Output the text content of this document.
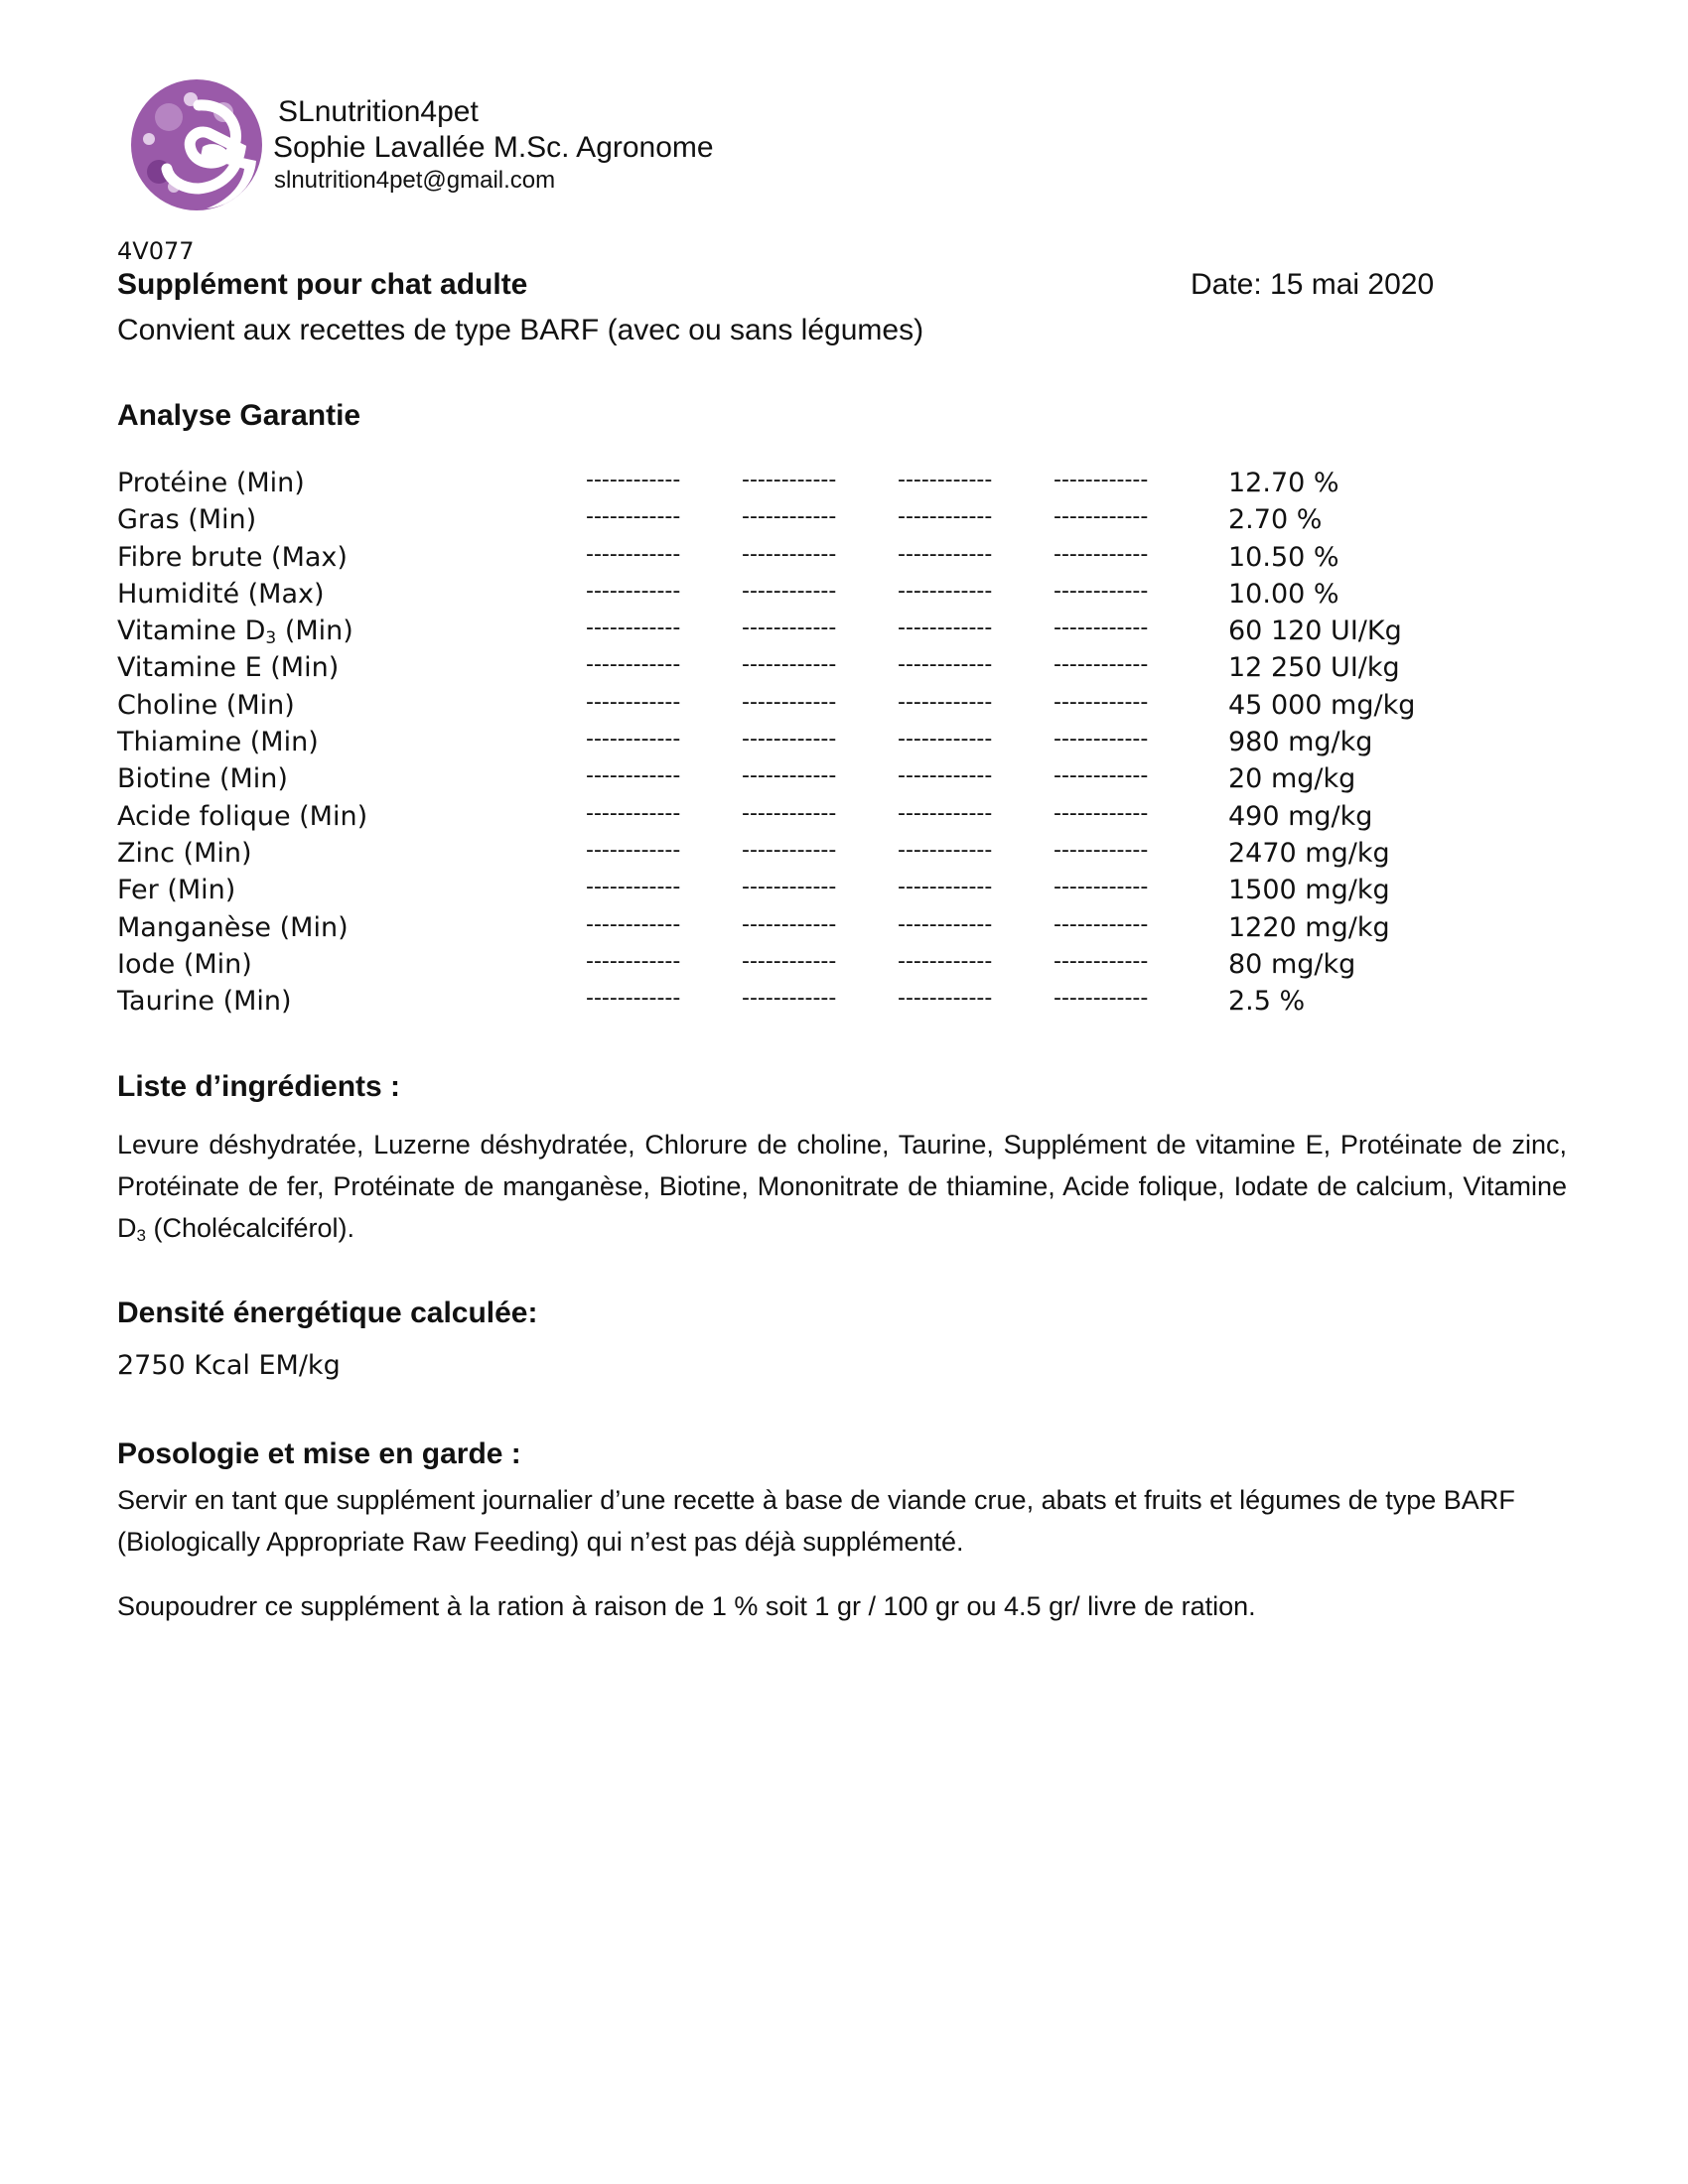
SLnutrition4pet
Sophie Lavallée M.Sc. Agronome
slnutrition4pet@gmail.com
4V077
Supplément pour chat adulte	Date: 15 mai 2020
Convient aux recettes de type BARF (avec ou sans légumes)
Analyse Garantie
Protéine (Min)	------------	------------	------------	------------	12.70 %
Gras (Min)	------------	------------	------------	------------	2.70 %
Fibre brute (Max)	------------	------------	------------	------------	10.50 %
Humidité (Max)	------------	------------	------------	------------	10.00 %
Vitamine $D_3$ (Min)	------------	------------	------------	------------	60 120 UI/Kg
Vitamine E (Min)	------------	------------	------------	------------	12 250 UI/kg
Choline (Min)	------------	------------	------------	------------	45 000 mg/kg
Thiamine (Min)	------------	------------	------------	------------	980 mg/kg
Biotine (Min)	------------	------------	------------	------------	20 mg/kg
Acide folique (Min)	------------	------------	------------	------------	490 mg/kg
Zinc (Min)	------------	------------	------------	------------	2470 mg/kg
Fer (Min)	------------	------------	------------	------------	1500 mg/kg
Manganèse (Min)	------------	------------	------------	------------	1220 mg/kg
Iode (Min)	------------	------------	------------	------------	80 mg/kg
Taurine (Min)	------------	------------	------------	------------	2.5 %
Liste d’ingrédients :
Levure déshydratée, Luzerne déshydratée, Chlorure de choline, Taurine, Supplément de vitamine E, Protéinate de zinc, Protéinate de fer, Protéinate de manganèse, Biotine, Mononitrate de thiamine, Acide folique, Iodate de calcium, Vitamine $D_3$ (Cholécalciférol).
Densité énergétique calculée:
2750 Kcal EM/kg
Posologie et mise en garde :
Servir en tant que supplément journalier d’une recette à base de viande crue, abats et fruits et légumes de type BARF (Biologically Appropriate Raw Feeding) qui n’est pas déjà supplémenté.
Soupoudrer ce supplément à la ration à raison de 1 % soit 1 gr / 100 gr ou 4.5 gr/ livre de ration.
